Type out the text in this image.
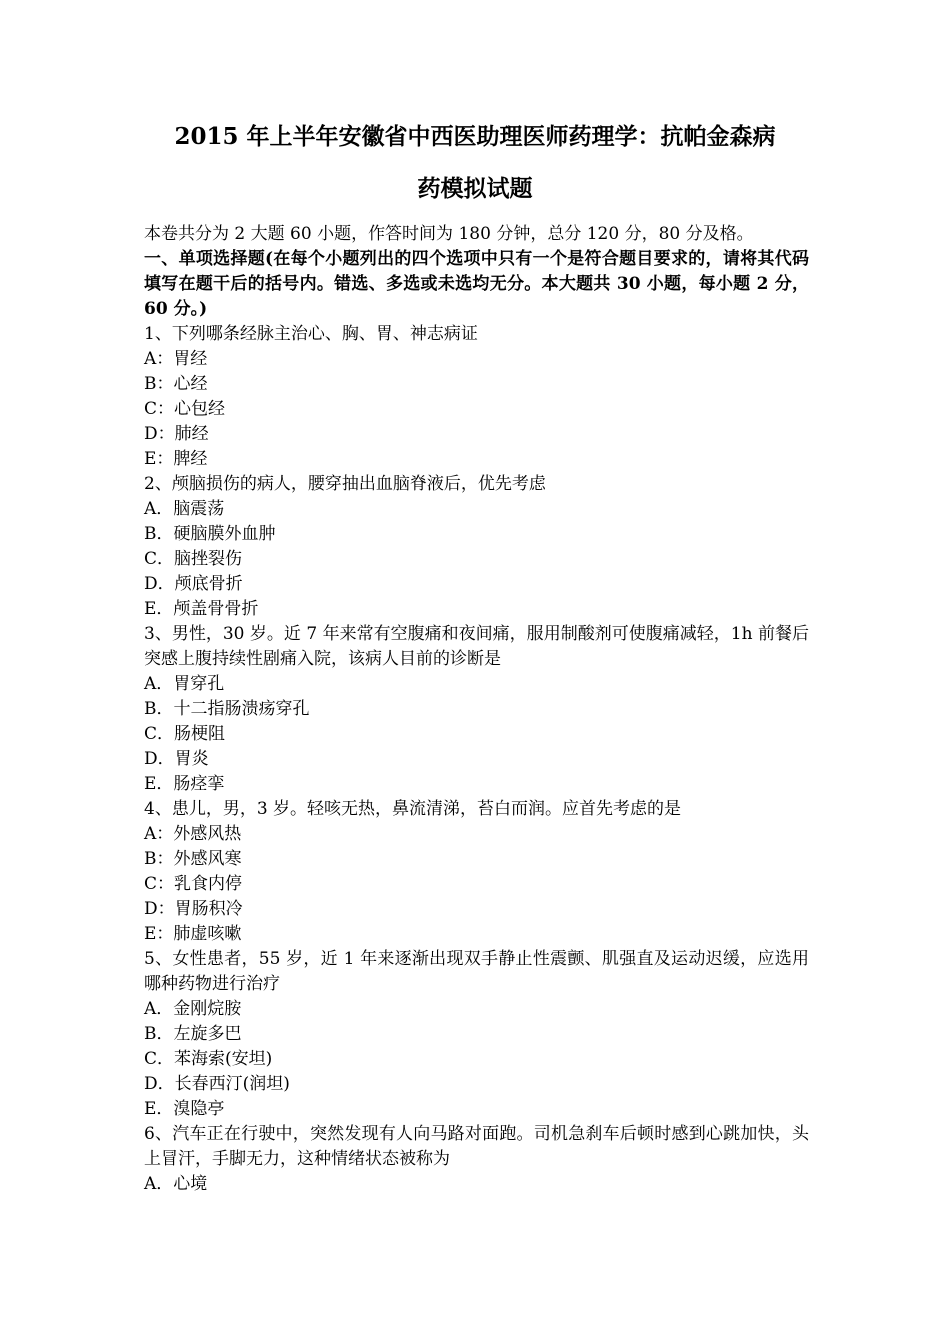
2015 年上半年安徽省中西医助理医师药理学：抗帕金森病
药模拟试题
本卷共分为 2 大题 60 小题，作答时间为 180 分钟，总分 120 分，80 分及格。
一、单项选择题(在每个小题列出的四个选项中只有一个是符合题目要求的，请将其代码填写在题干后的括号内。错选、多选或未选均无分。本大题共 30 小题，每小题 2 分，60 分。)
1、下列哪条经脉主治心、胸、胃、神志病证
A：胃经
B：心经
C：心包经
D：肺经
E：脾经
2、颅脑损伤的病人，腰穿抽出血脑脊液后，优先考虑
A．脑震荡
B．硬脑膜外血肿
C．脑挫裂伤
D．颅底骨折
E．颅盖骨骨折
3、男性，30 岁。近 7 年来常有空腹痛和夜间痛，服用制酸剂可使腹痛减轻，1h 前餐后突感上腹持续性剧痛入院，该病人目前的诊断是
A．胃穿孔
B．十二指肠溃疡穿孔
C．肠梗阻
D．胃炎
E．肠痉挛
4、患儿，男，3 岁。轻咳无热，鼻流清涕，苔白而润。应首先考虑的是
A：外感风热
B：外感风寒
C：乳食内停
D：胃肠积冷
E：肺虚咳嗽
5、女性患者，55 岁，近 1 年来逐渐出现双手静止性震颤、肌强直及运动迟缓，应选用哪种药物进行治疗
A．金刚烷胺
B．左旋多巴
C．苯海索(安坦)
D．长春西汀(润坦)
E．溴隐亭
6、汽车正在行驶中，突然发现有人向马路对面跑。司机急刹车后顿时感到心跳加快，头上冒汗，手脚无力，这种情绪状态被称为
A．心境
